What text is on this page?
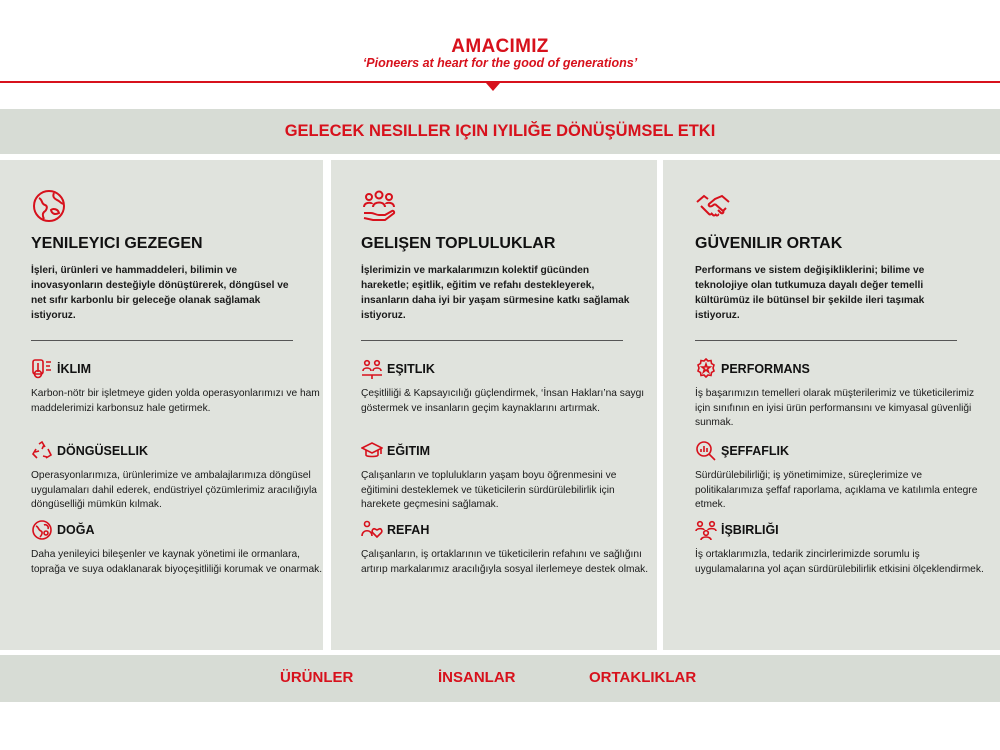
AMACIMIZ
‘Pioneers at heart for the good of generations’
GELECEK NESILLER IÇIN IYILIĞE DÖNÜŞÜMSEL ETKI
YENILEYICI GEZEGEN
İşleri, ürünleri ve hammaddeleri, bilimin ve inovasyonların desteğiyle dönüştürerek, döngüsel ve net sıfır karbonlu bir geleceğe olanak sağlamak istiyoruz.
İKLIM
Karbon-nötr bir işletmeye giden yolda operasyonlarımızı ve ham maddelerimizi karbonsuz hale getirmek.
DÖNGÜSELLIK
Operasyonlarımıza, ürünlerimize ve ambalajlarımıza döngüsel uygulamaları dahil ederek, endüstriyel çözümlerimiz aracılığıyla döngüselliği mümkün kılmak.
DOĞA
Daha yenileyici bileşenler ve kaynak yönetimi ile ormanlara, toprağa ve suya odaklanarak biyoçeşitliliği korumak ve onarmak.
GELIŞEN TOPLULUKLAR
İşlerimizin ve markalarımızın kolektif gücünden hareketle; eşitlik, eğitim ve refahı destekleyerek, insanların daha iyi bir yaşam sürmesine katkı sağlamak istiyoruz.
EŞITLIK
Çeşitliliği & Kapsayıcılığı güçlendirmek, ‘İnsan Hakları’na saygı göstermek ve insanların geçim kaynaklarını artırmak.
EĞITIM
Çalışanların ve toplulukların yaşam boyu öğrenmesini ve eğitimini desteklemek ve tüketicilerin sürdürülebilirlik için harekete geçmesini sağlamak.
REFAH
Çalışanların, iş ortaklarının ve tüketicilerin refahını ve sağlığını artırıp markalarımız aracılığıyla sosyal ilerlemeye destek olmak.
GÜVENILIR ORTAK
Performans ve sistem değişikliklerini; bilime ve teknolojiye olan tutkumuza dayalı değer temelli kültürümüz ile bütünsel bir şekilde ileri taşımak istiyoruz.
PERFORMANS
İş başarımızın temelleri olarak müşterilerimiz ve tüketicilerimiz için sınıfının en iyisi ürün performansını ve kimyasal güvenliği sunmak.
ŞEFFAFLIK
Sürdürülebilirliği; iş yönetimimize, süreçlerimize ve politikalarımıza şeffaf raporlama, açıklama ve katılımla entegre etmek.
İŞBIRLIĞI
İş ortaklarımızla, tedarik zincirlerimizde sorumlu iş uygulamalarına yol açan sürdürülebilirlik etkisini ölçeklendirmek.
ÜRÜNLER	İNSANLAR	ORTAKLIKLAR
